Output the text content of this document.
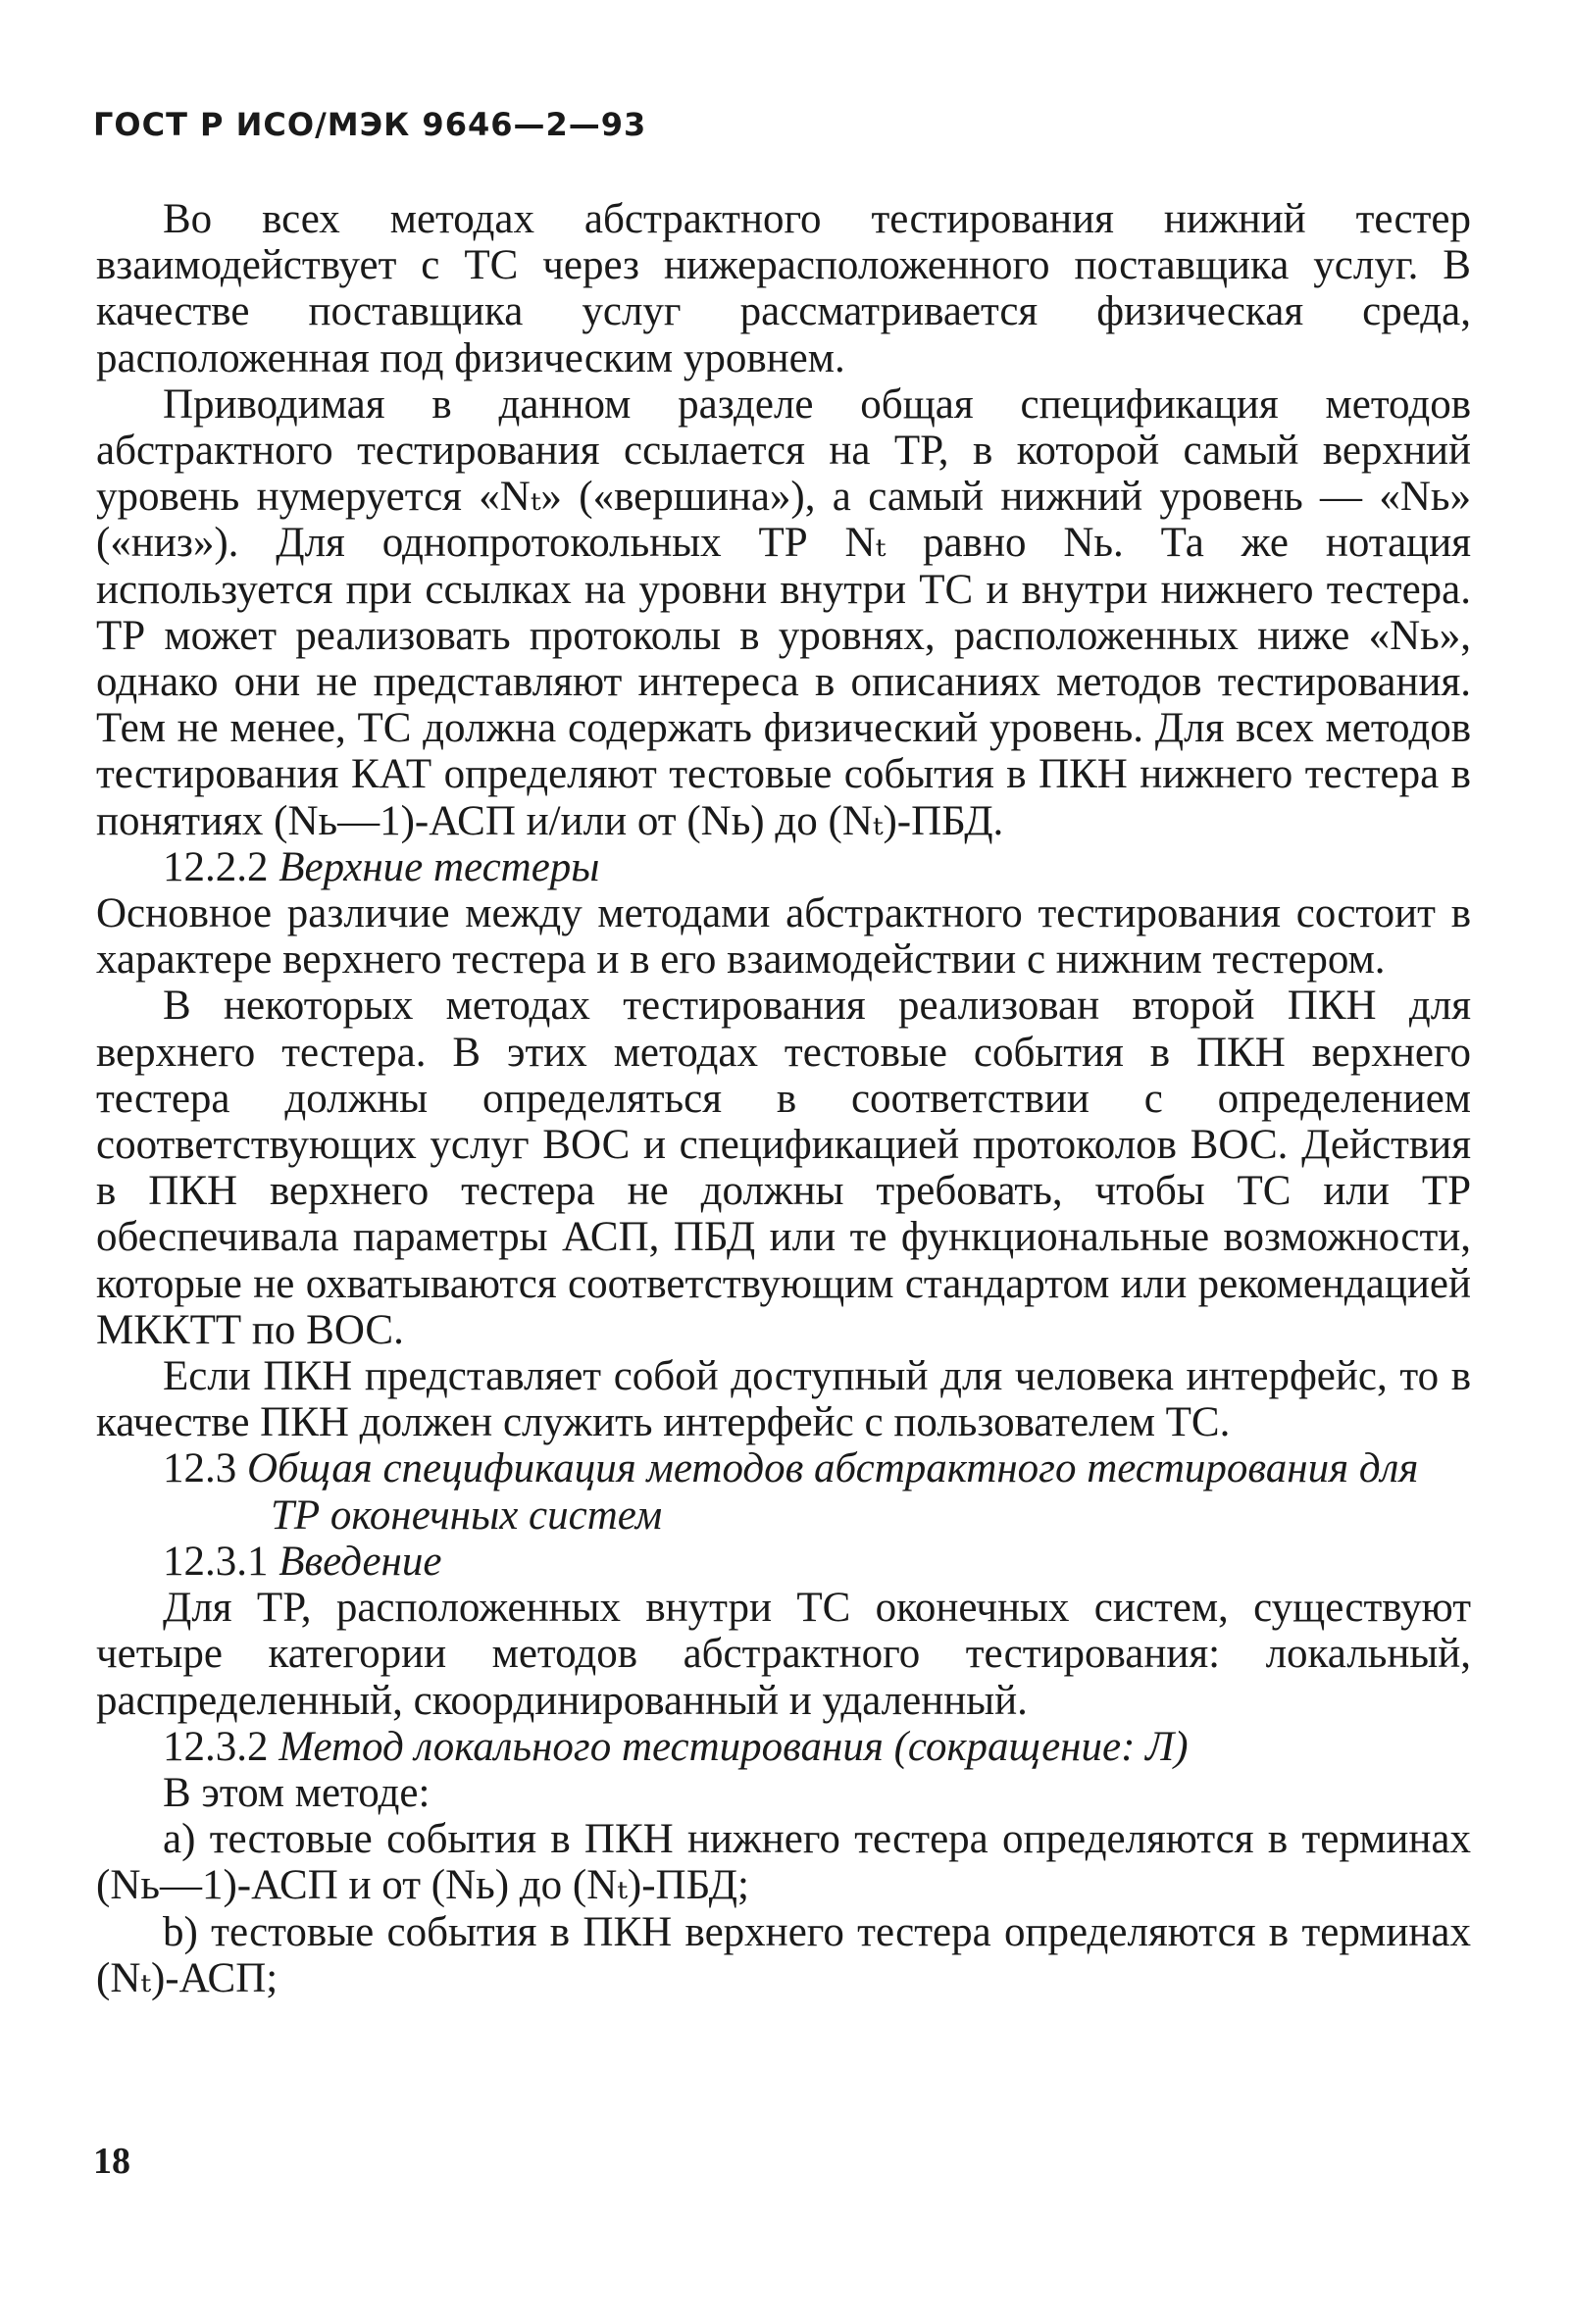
ГОСТ Р ИСО/МЭК 9646—2—93

Во всех методах абстрактного тестирования нижний тестер взаимодействует с ТС через нижерасположенного поставщика услуг. В качестве поставщика услуг рассматривается физическая среда, расположенная под физическим уровнем.

Приводимая в данном разделе общая спецификация методов абстрактного тестирования ссылается на ТР, в которой самый верхний уровень нумеруется «Nₜ» («вершина»), а самый нижний уровень — «Nь» («низ»). Для однопротокольных ТР Nₜ равно Nь. Та же нотация используется при ссылках на уровни внутри ТС и внутри нижнего тестера. ТР может реализовать протоколы в уровнях, расположенных ниже «Nь», однако они не представляют интереса в описаниях методов тестирования. Тем не менее, ТС должна содержать физический уровень. Для всех методов тестирования КАТ определяют тестовые события в ПКН нижнего тестера в понятиях (Nь—1)-АСП и/или от (Nь) до (Nₜ)-ПБД.

12.2.2 Верхние тестеры

Основное различие между методами абстрактного тестирования состоит в характере верхнего тестера и в его взаимодействии с нижним тестером.

В некоторых методах тестирования реализован второй ПКН для верхнего тестера. В этих методах тестовые события в ПКН верхнего тестера должны определяться в соответствии с определением соответствующих услуг ВОС и спецификацией протоколов ВОС. Действия в ПКН верхнего тестера не должны требовать, чтобы ТС или ТР обеспечивала параметры АСП, ПБД или те функциональные возможности, которые не охватываются соответствующим стандартом или рекомендацией МККТТ по ВОС.

Если ПКН представляет собой доступный для человека интерфейс, то в качестве ПКН должен служить интерфейс с пользователем ТС.

12.3 Общая спецификация методов абстрактного тестирования для ТР оконечных систем

12.3.1 Введение

Для ТР, расположенных внутри ТС оконечных систем, существуют четыре категории методов абстрактного тестирования: локальный, распределенный, скоординированный и удаленный.

12.3.2 Метод локального тестирования (сокращение: Л)

В этом методе:

а) тестовые события в ПКН нижнего тестера определяются в терминах (Nь—1)-АСП и от (Nь) до (Nₜ)-ПБД;

b) тестовые события в ПКН верхнего тестера определяются в терминах (Nₜ)-АСП;

18
